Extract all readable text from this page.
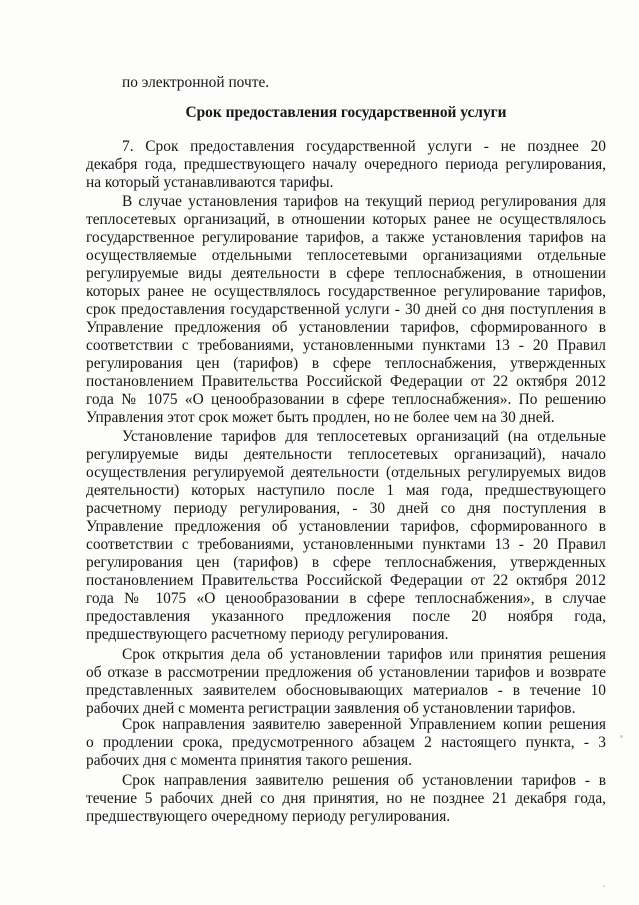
по электронной почте.
Срок предоставления государственной услуги
7. Срок предоставления государственной услуги - не позднее 20
декабря года, предшествующего началу очередного периода регулирования,
на который устанавливаются тарифы.
В случае установления тарифов на текущий период регулирования для
теплосетевых организаций, в отношении которых ранее не осуществлялось
государственное регулирование тарифов, а также установления тарифов на
осуществляемые отдельными теплосетевыми организациями отдельные
регулируемые виды деятельности в сфере теплоснабжения, в отношении
которых ранее не осуществлялось государственное регулирование тарифов,
срок предоставления государственной услуги - 30 дней со дня поступления в
Управление предложения об установлении тарифов, сформированного в
соответствии с требованиями, установленными пунктами 13 - 20 Правил
регулирования цен (тарифов) в сфере теплоснабжения, утвержденных
постановлением Правительства Российской Федерации от 22 октября 2012
года № 1075 «О ценообразовании в сфере теплоснабжения». По решению
Управления этот срок может быть продлен, но не более чем на 30 дней.
Установление тарифов для теплосетевых организаций (на отдельные
регулируемые виды деятельности теплосетевых организаций), начало
осуществления регулируемой деятельности (отдельных регулируемых видов
деятельности) которых наступило после 1 мая года, предшествующего
расчетному периоду регулирования, - 30 дней со дня поступления в
Управление предложения об установлении тарифов, сформированного в
соответствии с требованиями, установленными пунктами 13 - 20 Правил
регулирования цен (тарифов) в сфере теплоснабжения, утвержденных
постановлением Правительства Российской Федерации от 22 октября 2012
года № 1075 «О ценообразовании в сфере теплоснабжения», в случае
предоставления указанного предложения после 20 ноября года,
предшествующего расчетному периоду регулирования.
Срок открытия дела об установлении тарифов или принятия решения
об отказе в рассмотрении предложения об установлении тарифов и возврате
представленных заявителем обосновывающих материалов - в течение 10
рабочих дней с момента регистрации заявления об установлении тарифов.
Срок направления заявителю заверенной Управлением копии решения
о продлении срока, предусмотренного абзацем 2 настоящего пункта, - 3
рабочих дня с момента принятия такого решения.
Срок направления заявителю решения об установлении тарифов - в
течение 5 рабочих дней со дня принятия, но не позднее 21 декабря года,
предшествующего очередному периоду регулирования.
